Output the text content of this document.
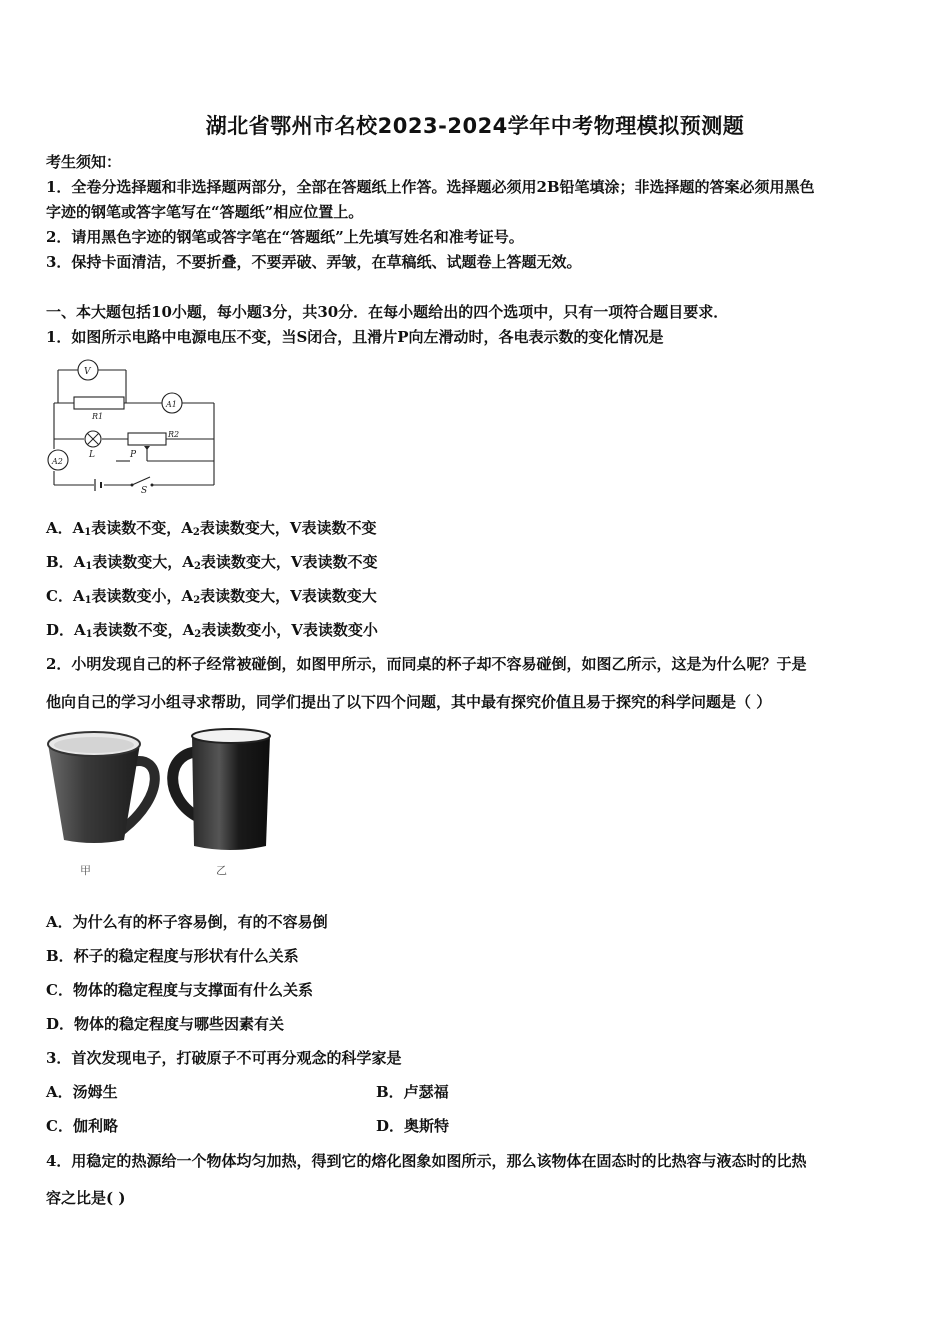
湖北省鄂州市名校2023-2024学年中考物理模拟预测题
考生须知：
1．全卷分选择题和非选择题两部分，全部在答题纸上作答。选择题必须用2B铅笔填涂；非选择题的答案必须用黑色
字迹的钢笔或答字笔写在“答题纸”相应位置上。
2．请用黑色字迹的钢笔或答字笔在“答题纸”上先填写姓名和准考证号。
3．保持卡面清洁，不要折叠，不要弄破、弄皱，在草稿纸、试题卷上答题无效。
一、本大题包括10小题，每小题3分，共30分．在每小题给出的四个选项中，只有一项符合题目要求．
1．如图所示电路中电源电压不变，当S闭合，且滑片P向左滑动时，各电表示数的变化情况是
V
A1
A2
R1
R2
L	P
S
A．$A_1$表读数不变，$A_2$表读数变大，V表读数不变
B．$A_1$表读数变大，$A_2$表读数变大，V表读数不变
C．$A_1$表读数变小，$A_2$表读数变大，V表读数变大
D．$A_1$表读数不变，$A_2$表读数变小，V表读数变小
2．小明发现自己的杯子经常被碰倒，如图甲所示，而同桌的杯子却不容易碰倒，如图乙所示，这是为什么呢？于是
他向自己的学习小组寻求帮助，同学们提出了以下四个问题，其中最有探究价值且易于探究的科学问题是（ ）
甲	乙
A．为什么有的杯子容易倒，有的不容易倒
B．杯子的稳定程度与形状有什么关系
C．物体的稳定程度与支撑面有什么关系
D．物体的稳定程度与哪些因素有关
3．首次发现电子，打破原子不可再分观念的科学家是
A．汤姆生	B．卢瑟福
C．伽利略	D．奥斯特
4．用稳定的热源给一个物体均匀加热，得到它的熔化图象如图所示，那么该物体在固态时的比热容与液态时的比热
容之比是( )
